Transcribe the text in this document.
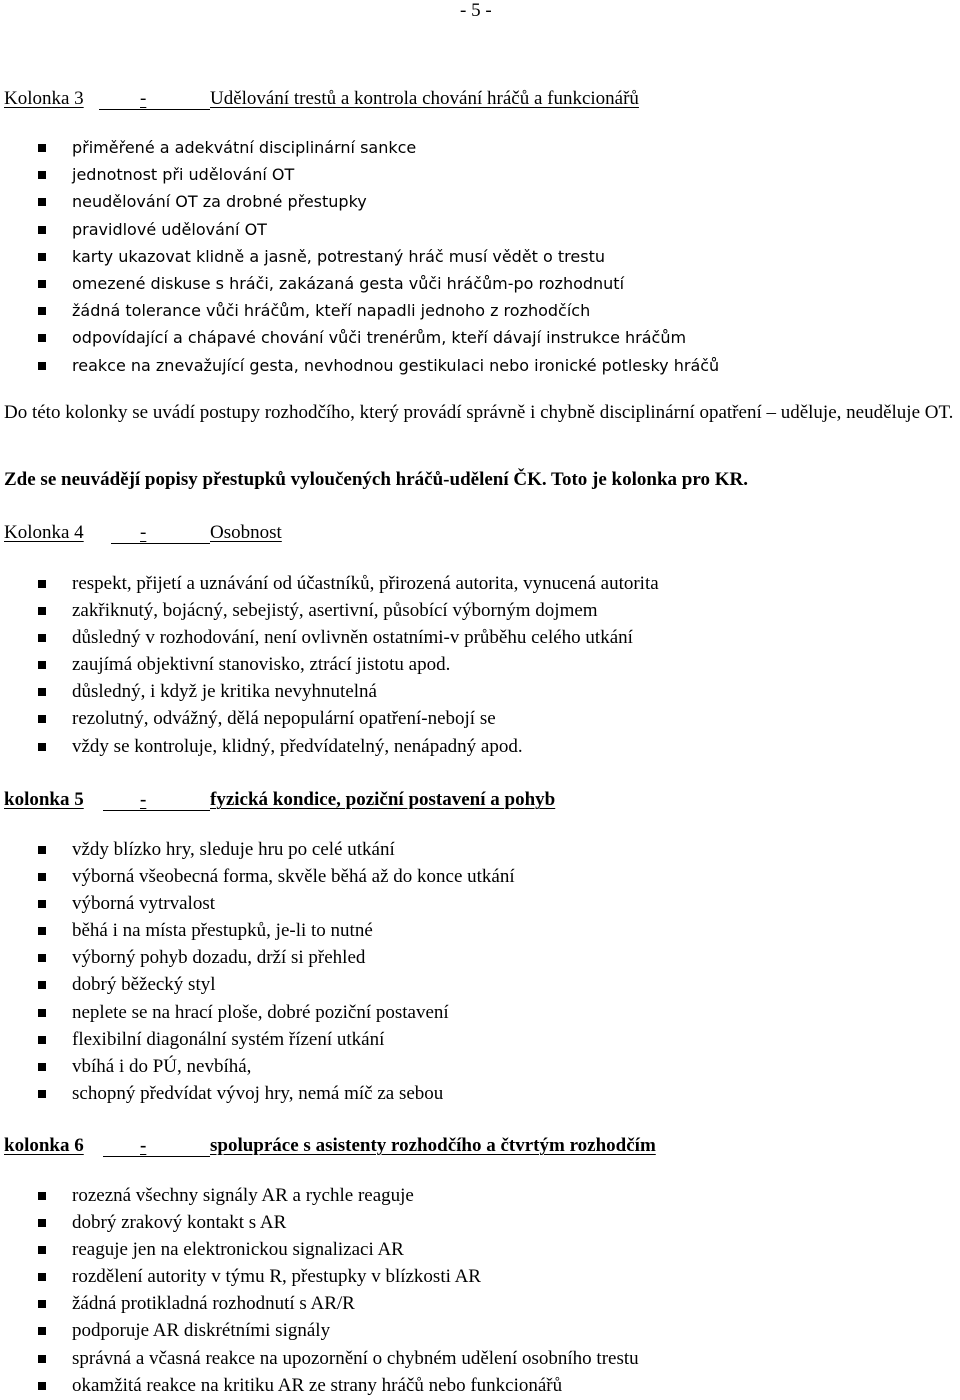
- 5 -
Kolonka 3	-	Udělování trestů a kontrola chování hráčů a funkcionářů
přiměřené a adekvátní disciplinární sankce
jednotnost při udělování OT
neudělování OT za drobné přestupky
pravidlové udělování OT
karty ukazovat klidně a jasně, potrestaný hráč musí vědět o trestu
omezené diskuse s hráči, zakázaná gesta vůči hráčům-po rozhodnutí
žádná tolerance vůči hráčům, kteří napadli jednoho z rozhodčích
odpovídající a chápavé chování vůči trenérům, kteří dávají instrukce hráčům
reakce na znevažující gesta, nevhodnou gestikulaci nebo ironické potlesky hráčů
Do této kolonky se uvádí postupy rozhodčího, který provádí správně i chybně disciplinární opatření – uděluje, neuděluje OT.
Zde se neuvádějí popisy přestupků vyloučených hráčů-udělení ČK. Toto je kolonka pro KR.
Kolonka 4	-	Osobnost
respekt, přijetí a uznávání od účastníků, přirozená autorita, vynucená autorita
zakřiknutý, bojácný, sebejistý, asertivní, působící výborným dojmem
důsledný v rozhodování, není ovlivněn ostatními-v průběhu celého utkání
zaujímá objektivní stanovisko, ztrácí jistotu apod.
důsledný, i když je kritika nevyhnutelná
rezolutný, odvážný, dělá nepopulární opatření-nebojí se
vždy se kontroluje, klidný, předvídatelný, nenápadný apod.
kolonka 5	-	fyzická kondice, poziční postavení a pohyb
vždy blízko hry, sleduje hru po celé utkání
výborná všeobecná forma, skvěle běhá až do konce utkání
výborná vytrvalost
běhá i na místa přestupků, je-li to nutné
výborný pohyb dozadu, drží si přehled
dobrý běžecký styl
neplete se na hrací ploše, dobré poziční postavení
flexibilní diagonální systém řízení utkání
vbíhá i do PÚ, nevbíhá,
schopný předvídat vývoj hry, nemá míč za sebou
kolonka 6	-	spolupráce s asistenty rozhodčího a čtvrtým rozhodčím
rozezná všechny signály AR a rychle reaguje
dobrý zrakový kontakt s AR
reaguje jen na elektronickou signalizaci AR
rozdělení autority v týmu R, přestupky v blízkosti AR
žádná protikladná rozhodnutí s AR/R
podporuje AR diskrétními signály
správná a včasná reakce na upozornění o chybném udělení osobního trestu
okamžitá reakce na kritiku AR ze strany hráčů nebo funkcionářů
